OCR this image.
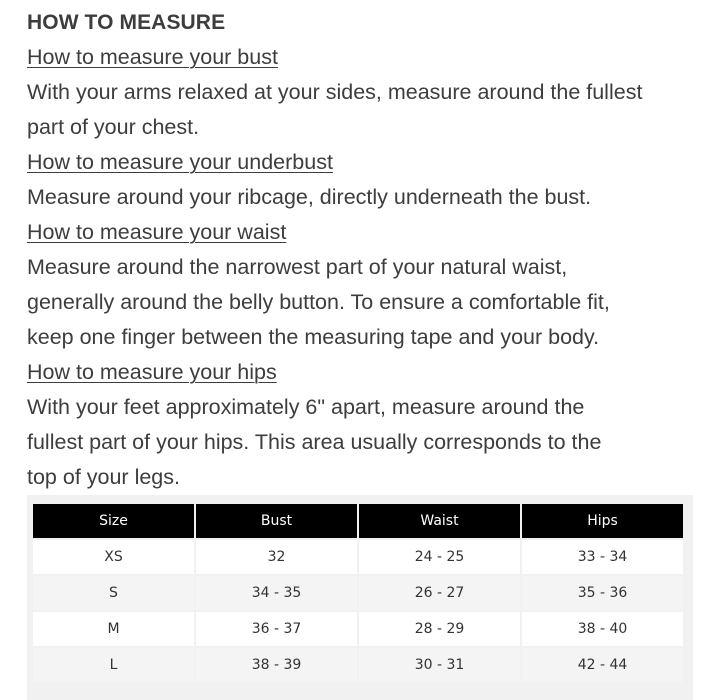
HOW TO MEASURE
How to measure your bust

With your arms relaxed at your sides, measure around the fullest

part of your chest.

How to measure your underbust

Measure around your ribcage, directly underneath the bust.

How to measure your waist

Measure around the narrowest part of your natural waist,

generally around the belly button. To ensure a comfortable fit,

keep one finger between the measuring tape and your body.

How to measure your hips

With your feet approximately 6" apart, measure around the

fullest part of your hips. This area usually corresponds to the

top of your legs.

Size	Bust	Waist	Hips
XS	32	24 - 25	33 - 34
S	34 - 35	26 - 27	35 - 36
M	36 - 37	28 - 29	38 - 40
L	38 - 39	30 - 31	42 - 44
